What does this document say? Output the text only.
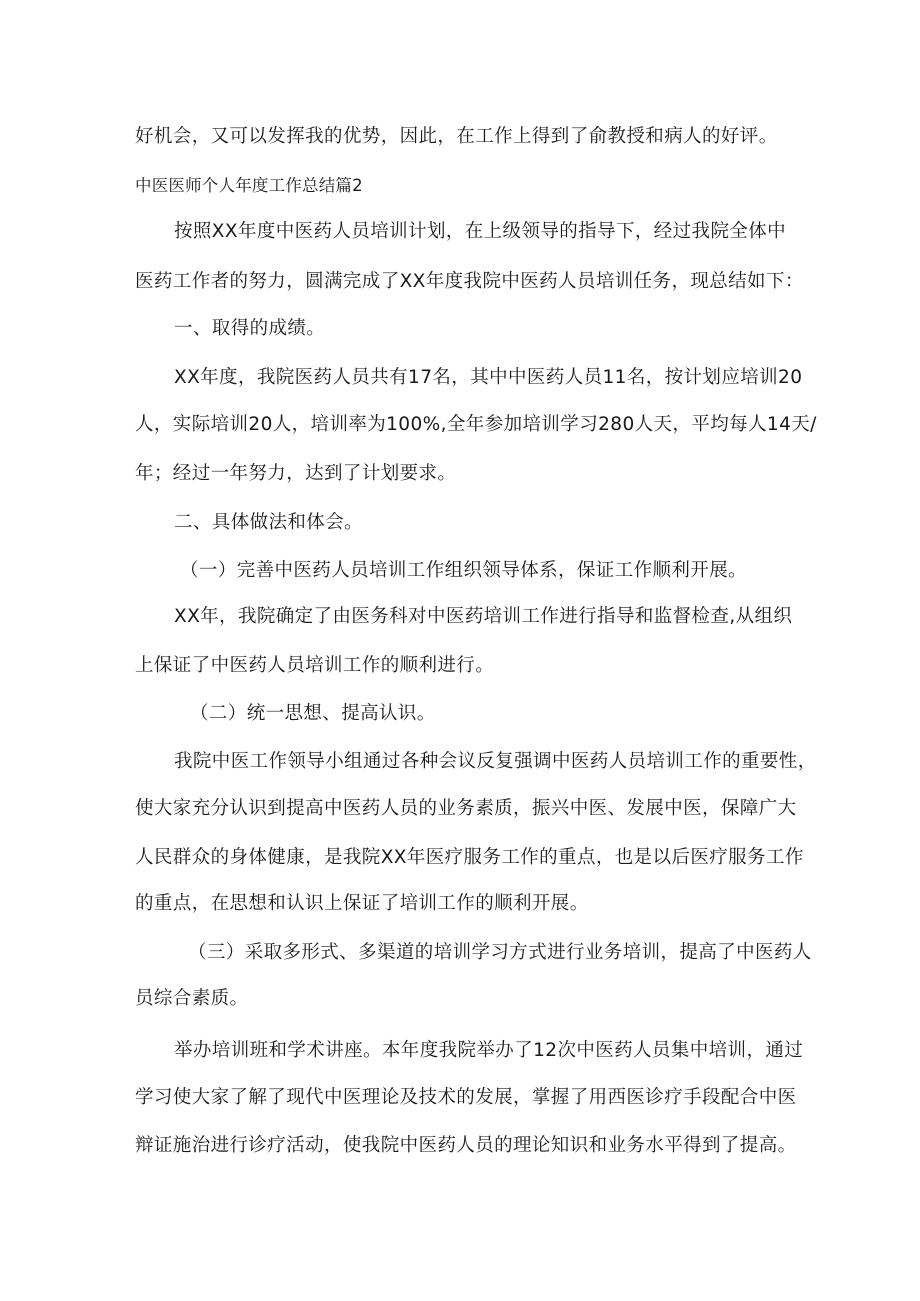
好机会，又可以发挥我的优势，因此，在工作上得到了俞教授和病人的好评。

中医医师个人年度工作总结篇2

按照XX年度中医药人员培训计划，在上级领导的指导下，经过我院全体中

医药工作者的努力，圆满完成了XX年度我院中医药人员培训任务，现总结如下：

一、取得的成绩。

XX年度，我院医药人员共有17名，其中中医药人员11名，按计划应培训20

人，实际培训20人，培训率为100%,全年参加培训学习280人天，平均每人14天/

年；经过一年努力，达到了计划要求。

二、具体做法和体会。

（一）完善中医药人员培训工作组织领导体系，保证工作顺利开展。

XX年，我院确定了由医务科对中医药培训工作进行指导和监督检查,从组织

上保证了中医药人员培训工作的顺利进行。

（二）统一思想、提高认识。

我院中医工作领导小组通过各种会议反复强调中医药人员培训工作的重要性，

使大家充分认识到提高中医药人员的业务素质，振兴中医、发展中医，保障广大

人民群众的身体健康，是我院XX年医疗服务工作的重点，也是以后医疗服务工作

的重点，在思想和认识上保证了培训工作的顺利开展。

（三）采取多形式、多渠道的培训学习方式进行业务培训，提高了中医药人

员综合素质。

举办培训班和学术讲座。本年度我院举办了12次中医药人员集中培训，通过

学习使大家了解了现代中医理论及技术的发展，掌握了用西医诊疗手段配合中医

辩证施治进行诊疗活动，使我院中医药人员的理论知识和业务水平得到了提高。
